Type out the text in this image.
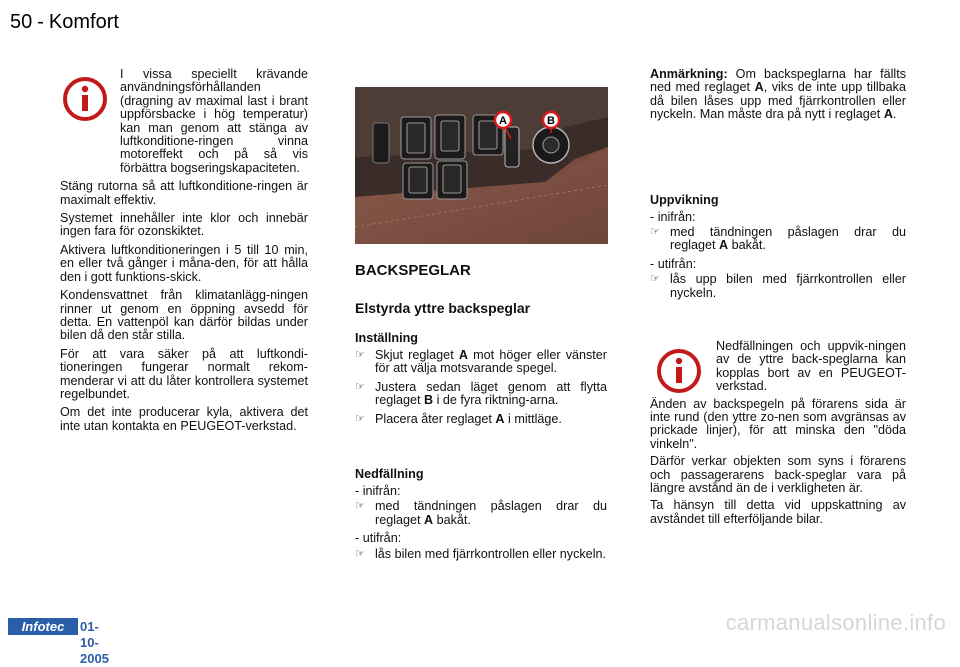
50 - Komfort

I vissa speciellt krävande användningsförhållanden (dragning av maximal last i brant uppförsbacke i hög temperatur) kan man genom att stänga av luftkonditione-ringen vinna motoreffekt och på så vis förbättra bogseringskapaciteten.

Stäng rutorna så att luftkonditione-ringen är maximalt effektiv.

Systemet innehåller inte klor och innebär ingen fara för ozonskiktet.

Aktivera luftkonditioneringen i 5 till 10 min, en eller två gånger i måna-den, för att hålla den i gott funktions-skick.

Kondensvattnet från klimatanlägg-ningen rinner ut genom en öppning avsedd för detta. En vattenpöl kan därför bildas under bilen då den står stilla.

För att vara säker på att luftkondi-tioneringen fungerar normalt rekom-menderar vi att du låter kontrollera systemet regelbundet.

Om det inte producerar kyla, aktivera det inte utan kontakta en PEUGEOT-verkstad.

A	B
BACKSPEGLAR
Elstyrda yttre backspeglar
Inställning
☞ Skjut reglaget A mot höger eller vänster för att välja motsvarande spegel.
☞ Justera sedan läget genom att flytta reglaget B i de fyra riktning-arna.
☞ Placera åter reglaget A i mittläge.
Nedfällning
- inifrån:
☞ med tändningen påslagen drar du reglaget A bakåt.
- utifrån:
☞ lås bilen med fjärrkontrollen eller nyckeln.

Anmärkning: Om backspeglarna har fällts ned med reglaget A, viks de inte upp tillbaka då bilen låses upp med fjärrkontrollen eller nyckeln. Man måste dra på nytt i reglaget A.

Uppvikning
- inifrån:
☞ med tändningen påslagen drar du reglaget A bakåt.
- utifrån:
☞ lås upp bilen med fjärrkontrollen eller nyckeln.

Nedfällningen och uppvik-ningen av de yttre back-speglarna kan kopplas bort av en PEUGEOT-verkstad.

Änden av backspegeln på förarens sida är inte rund (den yttre zo-nen som avgränsas av prickade linjer), för att minska den "döda vinkeln".

Därför verkar objekten som syns i förarens och passagerarens back-speglar vara på längre avstånd än de i verkligheten är.

Ta hänsyn till detta vid uppskattning av avståndet till efterföljande bilar.

Infotec	01-10-2005
carmanualsonline.info
